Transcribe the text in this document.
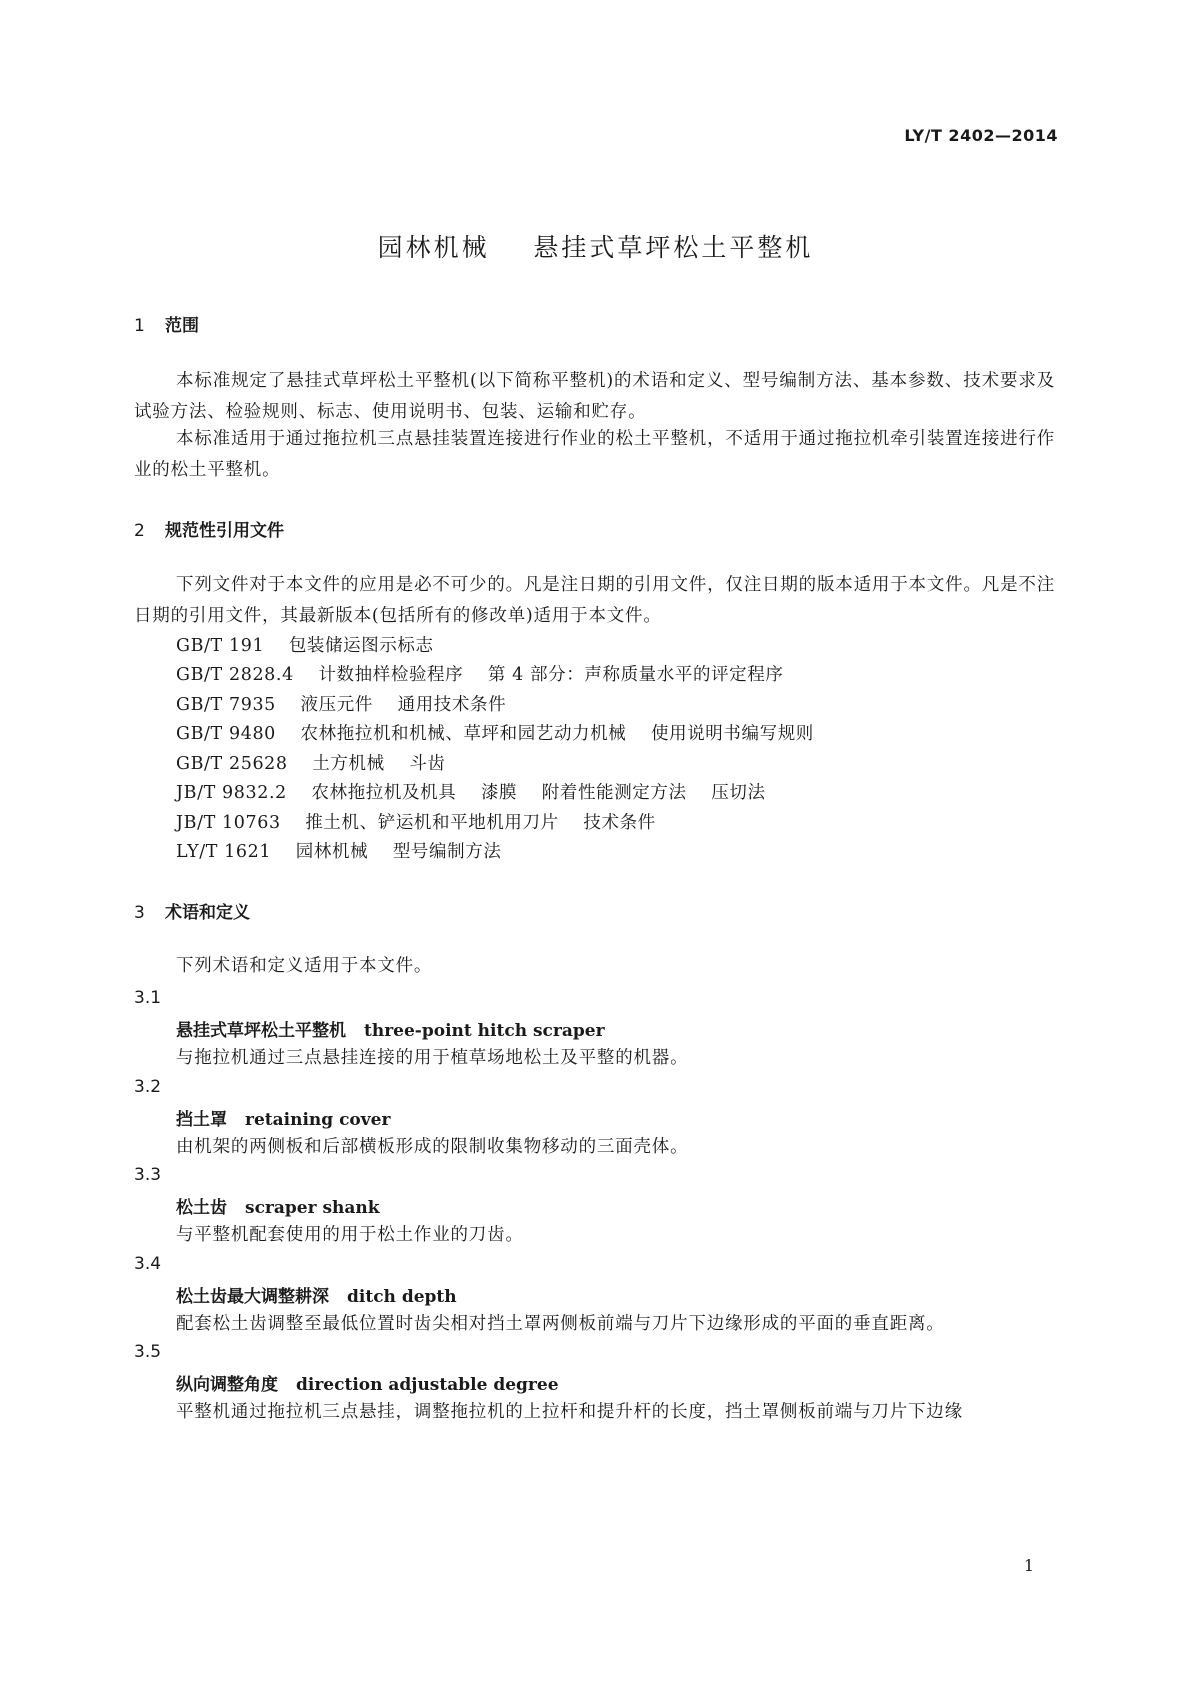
LY/T 2402—2014
园林机械    悬挂式草坪松土平整机
1 范围
本标准规定了悬挂式草坪松土平整机(以下简称平整机)的术语和定义、型号编制方法、基本参数、技术要求及试验方法、检验规则、标志、使用说明书、包装、运输和贮存。
本标准适用于通过拖拉机三点悬挂装置连接进行作业的松土平整机，不适用于通过拖拉机牵引装置连接进行作业的松土平整机。
2 规范性引用文件
下列文件对于本文件的应用是必不可少的。凡是注日期的引用文件，仅注日期的版本适用于本文件。凡是不注日期的引用文件，其最新版本(包括所有的修改单)适用于本文件。
GB/T 191    包装储运图示标志
GB/T 2828.4    计数抽样检验程序    第 4 部分：声称质量水平的评定程序
GB/T 7935    液压元件    通用技术条件
GB/T 9480    农林拖拉机和机械、草坪和园艺动力机械    使用说明书编写规则
GB/T 25628    土方机械    斗齿
JB/T 9832.2    农林拖拉机及机具    漆膜    附着性能测定方法    压切法
JB/T 10763    推土机、铲运机和平地机用刀片    技术条件
LY/T 1621    园林机械    型号编制方法
3 术语和定义
下列术语和定义适用于本文件。
3.1
悬挂式草坪松土平整机 three-point hitch scraper
与拖拉机通过三点悬挂连接的用于植草场地松土及平整的机器。
3.2
挡土罩 retaining cover
由机架的两侧板和后部横板形成的限制收集物移动的三面壳体。
3.3
松土齿 scraper shank
与平整机配套使用的用于松土作业的刀齿。
3.4
松土齿最大调整耕深 ditch depth
配套松土齿调整至最低位置时齿尖相对挡土罩两侧板前端与刀片下边缘形成的平面的垂直距离。
3.5
纵向调整角度 direction adjustable degree
平整机通过拖拉机三点悬挂，调整拖拉机的上拉杆和提升杆的长度，挡土罩侧板前端与刀片下边缘
1
